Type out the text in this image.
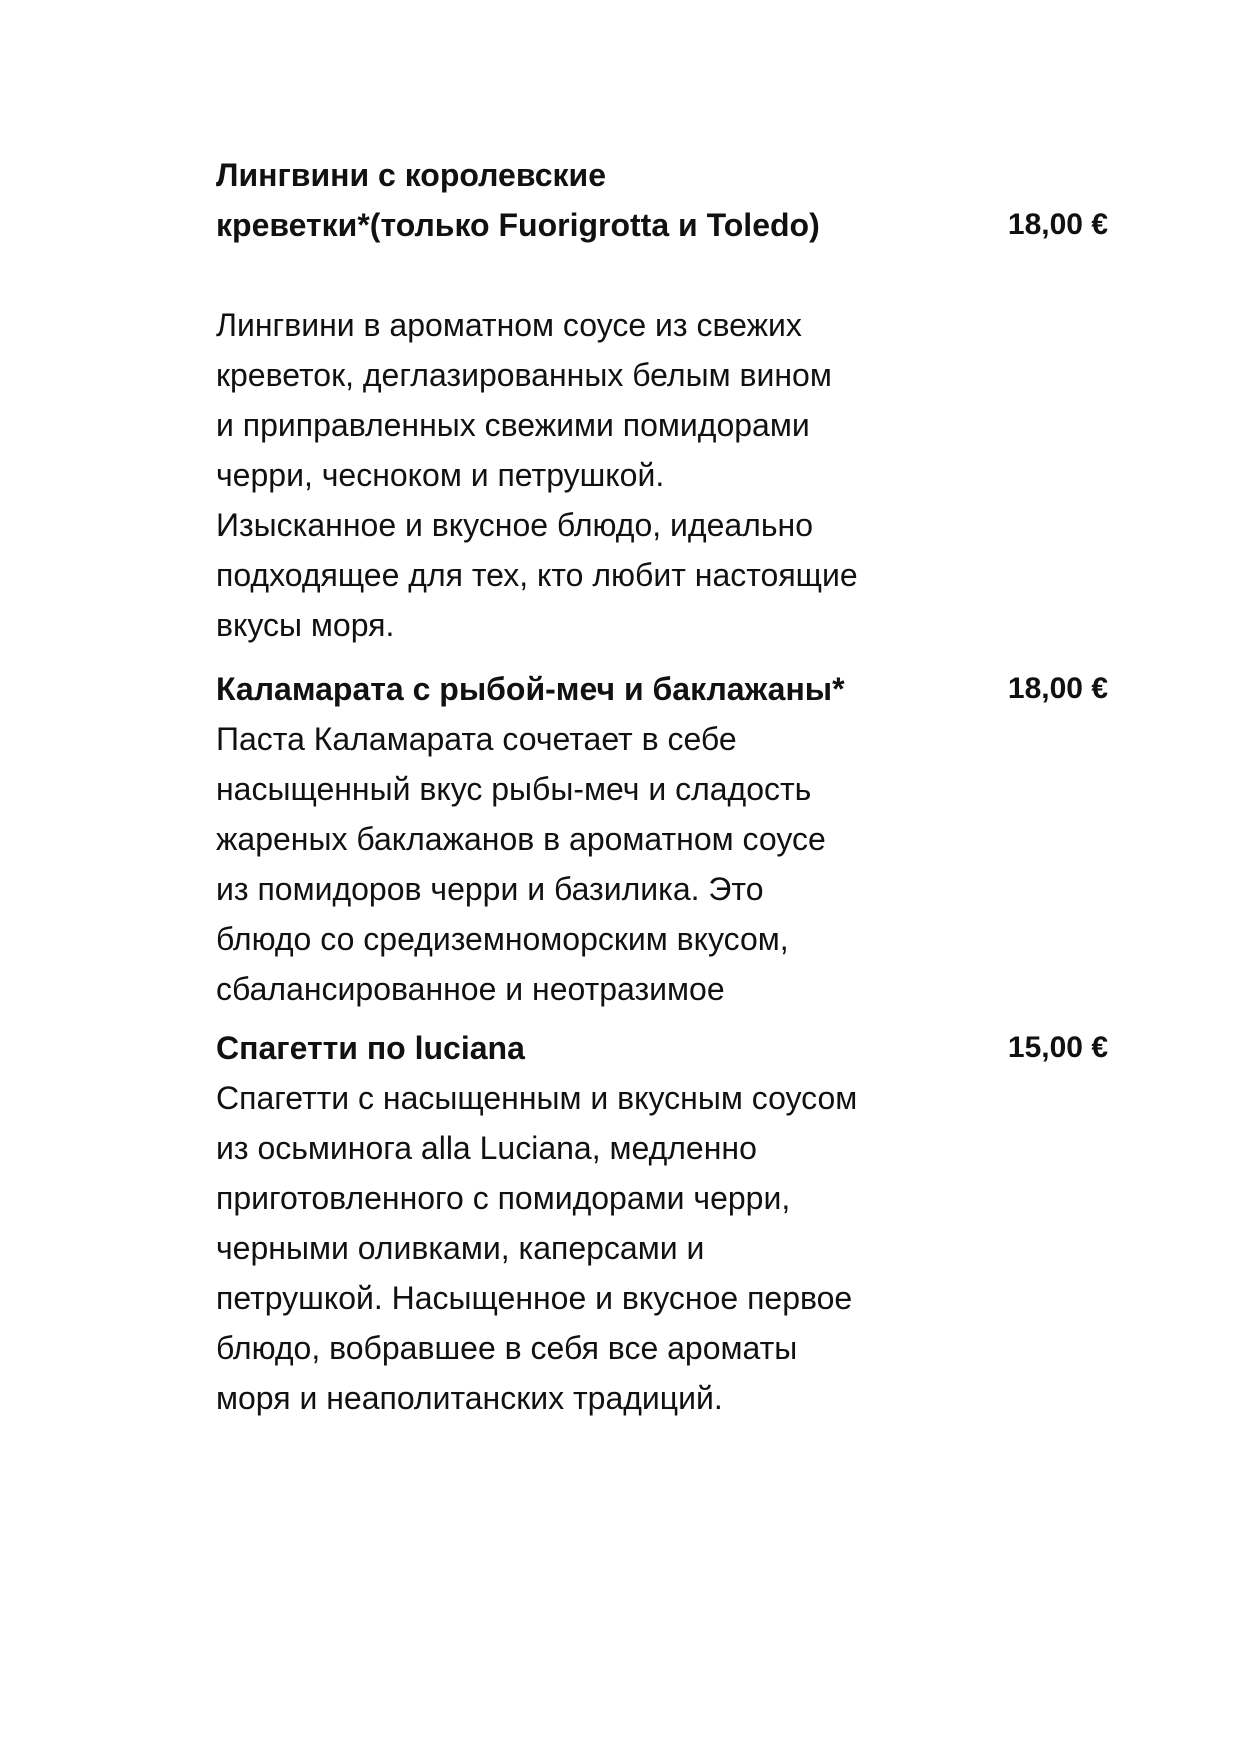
Лингвини с королевские
креветки*(только Fuorigrotta и Toledo)	18,00 €
Лингвини в ароматном соусе из свежих
креветок, деглазированных белым вином
и приправленных свежими помидорами
черри, чесноком и петрушкой.
Изысканное и вкусное блюдо, идеально
подходящее для тех, кто любит настоящие
вкусы моря.
Каламарата с рыбой-меч и баклажаны*	18,00 €
Паста Каламарата сочетает в себе
насыщенный вкус рыбы-меч и сладость
жареных баклажанов в ароматном соусе
из помидоров черри и базилика. Это
блюдо со средиземноморским вкусом,
сбалансированное и неотразимое
Спагетти по luciana	15,00 €
Спагетти с насыщенным и вкусным соусом
из осьминога alla Luciana, медленно
приготовленного с помидорами черри,
черными оливками, каперсами и
петрушкой. Насыщенное и вкусное первое
блюдо, вобравшее в себя все ароматы
моря и неаполитанских традиций.
